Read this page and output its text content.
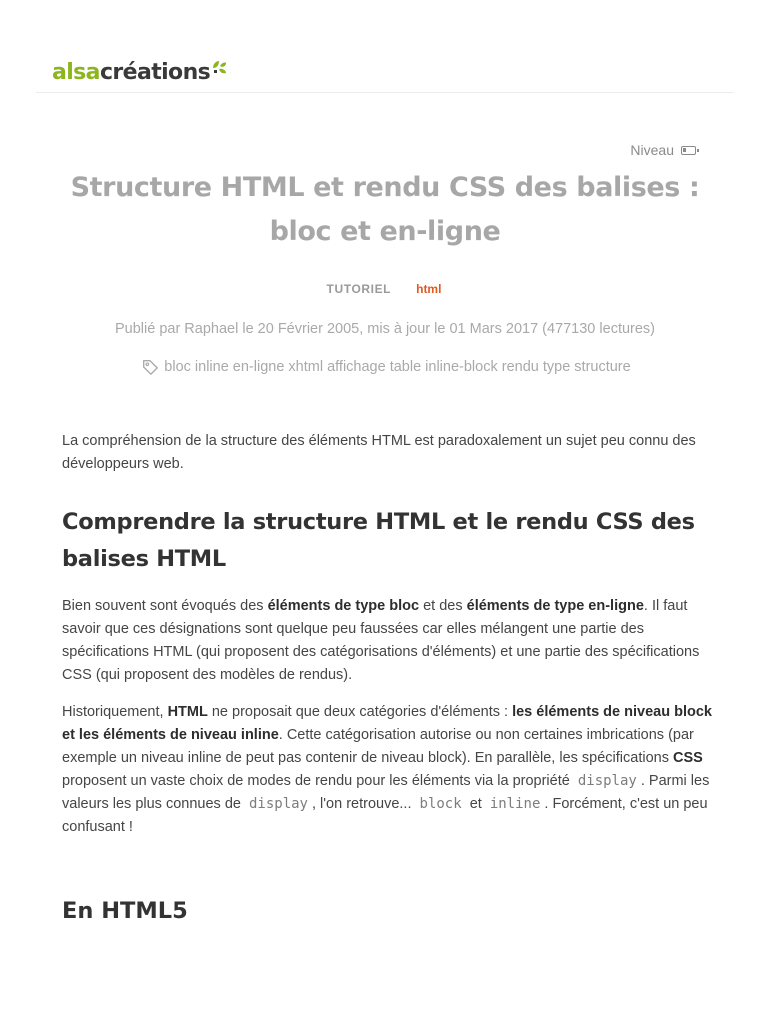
alsa créations
Niveau
Structure HTML et rendu CSS des balises : bloc et en-ligne
TUTORIEL html
Publié par Raphael le 20 Février 2005, mis à jour le 01 Mars 2017 (477130 lectures)
bloc inline en-ligne xhtml affichage table inline-block rendu type structure

La compréhension de la structure des éléments HTML est paradoxalement un sujet peu connu des développeurs web.

Comprendre la structure HTML et le rendu CSS des balises HTML

Bien souvent sont évoqués des éléments de type bloc et des éléments de type en-ligne. Il faut savoir que ces désignations sont quelque peu faussées car elles mélangent une partie des spécifications HTML (qui proposent des catégorisations d'éléments) et une partie des spécifications CSS (qui proposent des modèles de rendus).

Historiquement, HTML ne proposait que deux catégories d'éléments : les éléments de niveau block et les éléments de niveau inline. Cette catégorisation autorise ou non certaines imbrications (par exemple un niveau inline de peut pas contenir de niveau block). En parallèle, les spécifications CSS proposent un vaste choix de modes de rendu pour les éléments via la propriété display . Parmi les valeurs les plus connues de display , l'on retrouve... block et inline . Forcément, c'est un peu confusant !

En HTML5
